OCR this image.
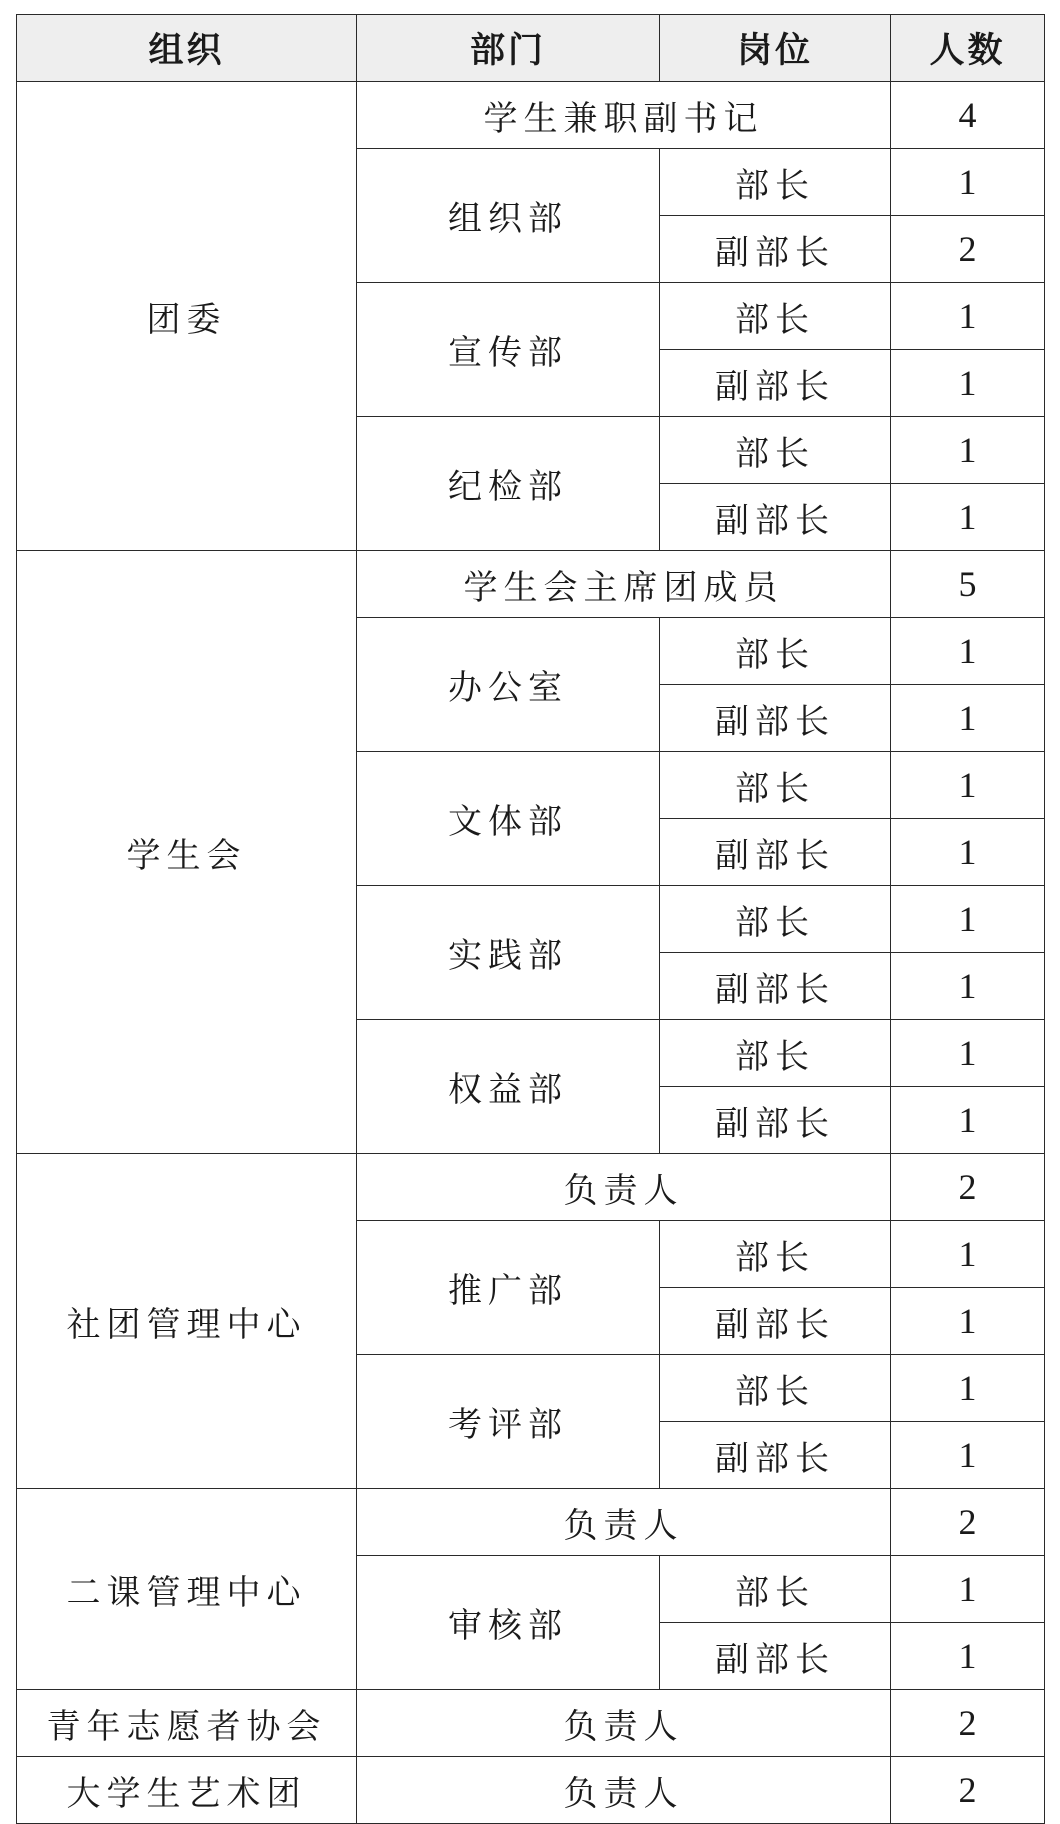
组织	部门	岗位	人数
团委	学生兼职副书记		4
	组织部	部长	1
		副部长	2
	宣传部	部长	1
		副部长	1
	纪检部	部长	1
		副部长	1
学生会	学生会主席团成员		5
	办公室	部长	1
		副部长	1
	文体部	部长	1
		副部长	1
	实践部	部长	1
		副部长	1
	权益部	部长	1
		副部长	1
社团管理中心	负责人		2
	推广部	部长	1
		副部长	1
	考评部	部长	1
		副部长	1
二课管理中心	负责人		2
	审核部	部长	1
		副部长	1
青年志愿者协会	负责人		2
大学生艺术团	负责人		2
